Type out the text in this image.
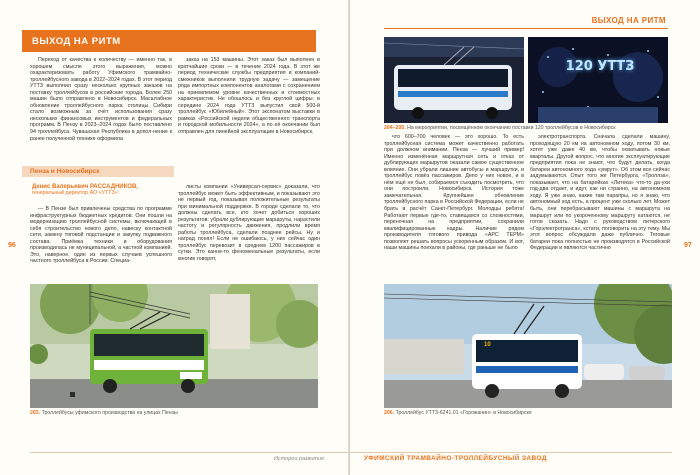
ВЫХОД НА РИТМ

Переход от качества к количеству — именно так, в хорошем смысле этого выражения, можно охарактеризовать работу Уфимского трамвайно-троллейбусного завода в 2022–2024 годах. В этот период УТТЗ выполнил сразу несколько крупных заказов на поставку троллейбусов в российские города. Более 250 машин было отправлено в Новосибирск. Масштабное обновление троллейбусного парка столицы Сибири стало возможным за счёт использования сразу нескольких финансовых инструментов и федеральных программ. В Пензу в 2023–2024 годах было поставлено 94 троллейбуса. Чувашская Республика в допол-нение к ранее полученной технике оформила

заказ на 153 машины. Этот заказ был выполнен в кратчайшие сроки — в течение 2024 года. В этот же период технические службы предприятия и компаний-смежников выполнили трудную задачу — замещение ряда импортных компонентов аналогами с сохранением на приемлемом уровне качественных и стоимостных характеристик. Не обошлось и без круглой цифры: в середине 2024 года УТТЗ выпустил свой 500-й троллейбус «Юбилейный». Этот экспонатом выставки в рамках «Российской недели общественного транспорта и городской мобильности 2024», а по её окончании был отправлен для линейной эксплуатации в Новосибирск.

Пенза и Новосибирск
Денис Валерьевич РАССАДНИКОВ,
генеральный директор АО «УТТЗ»:

— В Пензе был привлечены средства по программе инфраструктурных бюджетных кредитов. Они пошли на модернизацию троллейбусной системы, включающей в себя строительство нового депо, навеску контактной сети, замену тяговой подстанции и закупку подвижного состава. Приёмка техники и оборудования производилась не муниципальной, а частной компанией. Это, наверное, один из первых случаев успешного частного троллейбуса в России. Специа-

листы компании «Универсал-сервис» доказали, что троллейбус может быть эффективным, и показывают это не первый год, показывая положительные результаты при минимальной поддержке. В городе сделали то, что должны сделать все, кто хочет добиться хороших результатов: убрали дублирующие маршруты, нарастили частоту и регулярность движения, продлили время работы троллейбуса, сделали позднее рейсы. Ну и наград понял! Если не ошибаюсь, у них сейчас один троллейбус перевозит в среднем 1200 пассажиров в сутки. Это канне-то феноменальные результаты, если многие говорят,

203. Троллейбусы уфимского производства на улицах Пензы
96
Истории развития
ВЫХОД НА РИТМ
120 УТТЗ
204–205. На мероприятии, посвящённом окончанию поставки 120 троллейбусов в Новосибирск

что 600–700 человек — это хорошо. То есть троллейбусная система может качественно работать при должном внимании. Пенза — лучший пример! Именно изменённая маршрутная сеть и отказ от дублирующих маршрутов оказали самое существенное влияние. Они убрали лишние автобусы и маршрутки, и троллейбус повёз пассажиров. Депо у них новое, и в нём ещё не был, собираемся съездить посмотреть, что они построили. Новосибирск. История тоже замечательная. Крупнейшее обновление троллейбусного парка в Российской Федерации, если не брать в расчёт Санкт-Петербург. Молодцы ребята! Работают первые где-то, ставящаяся со сложностями, переночная на предприятии, сохранили квалифицированные кадры. Наличие рядом производителя тягового привода «АРС ТЕРМ» позволяет решать вопросы ускоренным образом. И вот, наши машины поехали в районы, где раньше не было

электротранспорта. Сначала сделали машину, проходящую 20 км на автономном ходу, потом 30 км, хотят уже даже 40 км, чтобы охватывать новые кварталы. Другой вопрос, что многие эксплуатирующие предприятия пока не знают, что будут делать, когда батареи автономного хода «умрут». Об этом все сейчас задумываются. Опыт того же Петербурга, «Троллза», показывает, что на батарейках «Литека» что-то да-ухи год-два отдает, и идут, как ни странно, на автономном ходу. Я уже знаю, какие там парапры, но я знаю, что автономный ход есть, а процент уже сколько лет. Может быть, они перебрасывают машины с маршрута на маршрут или по укороченному маршруту катаются, не готов сказать. Надо с руководством питерского «Горэлектротранса», кстати, поговорить на эту тему. Мы этот вопрос обсуждали даже публично. Тяговые батареи пока полностью не производятся в Российской Федерации и являются частично

10
206. Троллейбус УТТЗ-6241.01 «Горожанин» в Новосибирске
97
УФИМСКИЙ ТРАМВАЙНО-ТРОЛЛЕЙБУСНЫЙ ЗАВОД
2374
